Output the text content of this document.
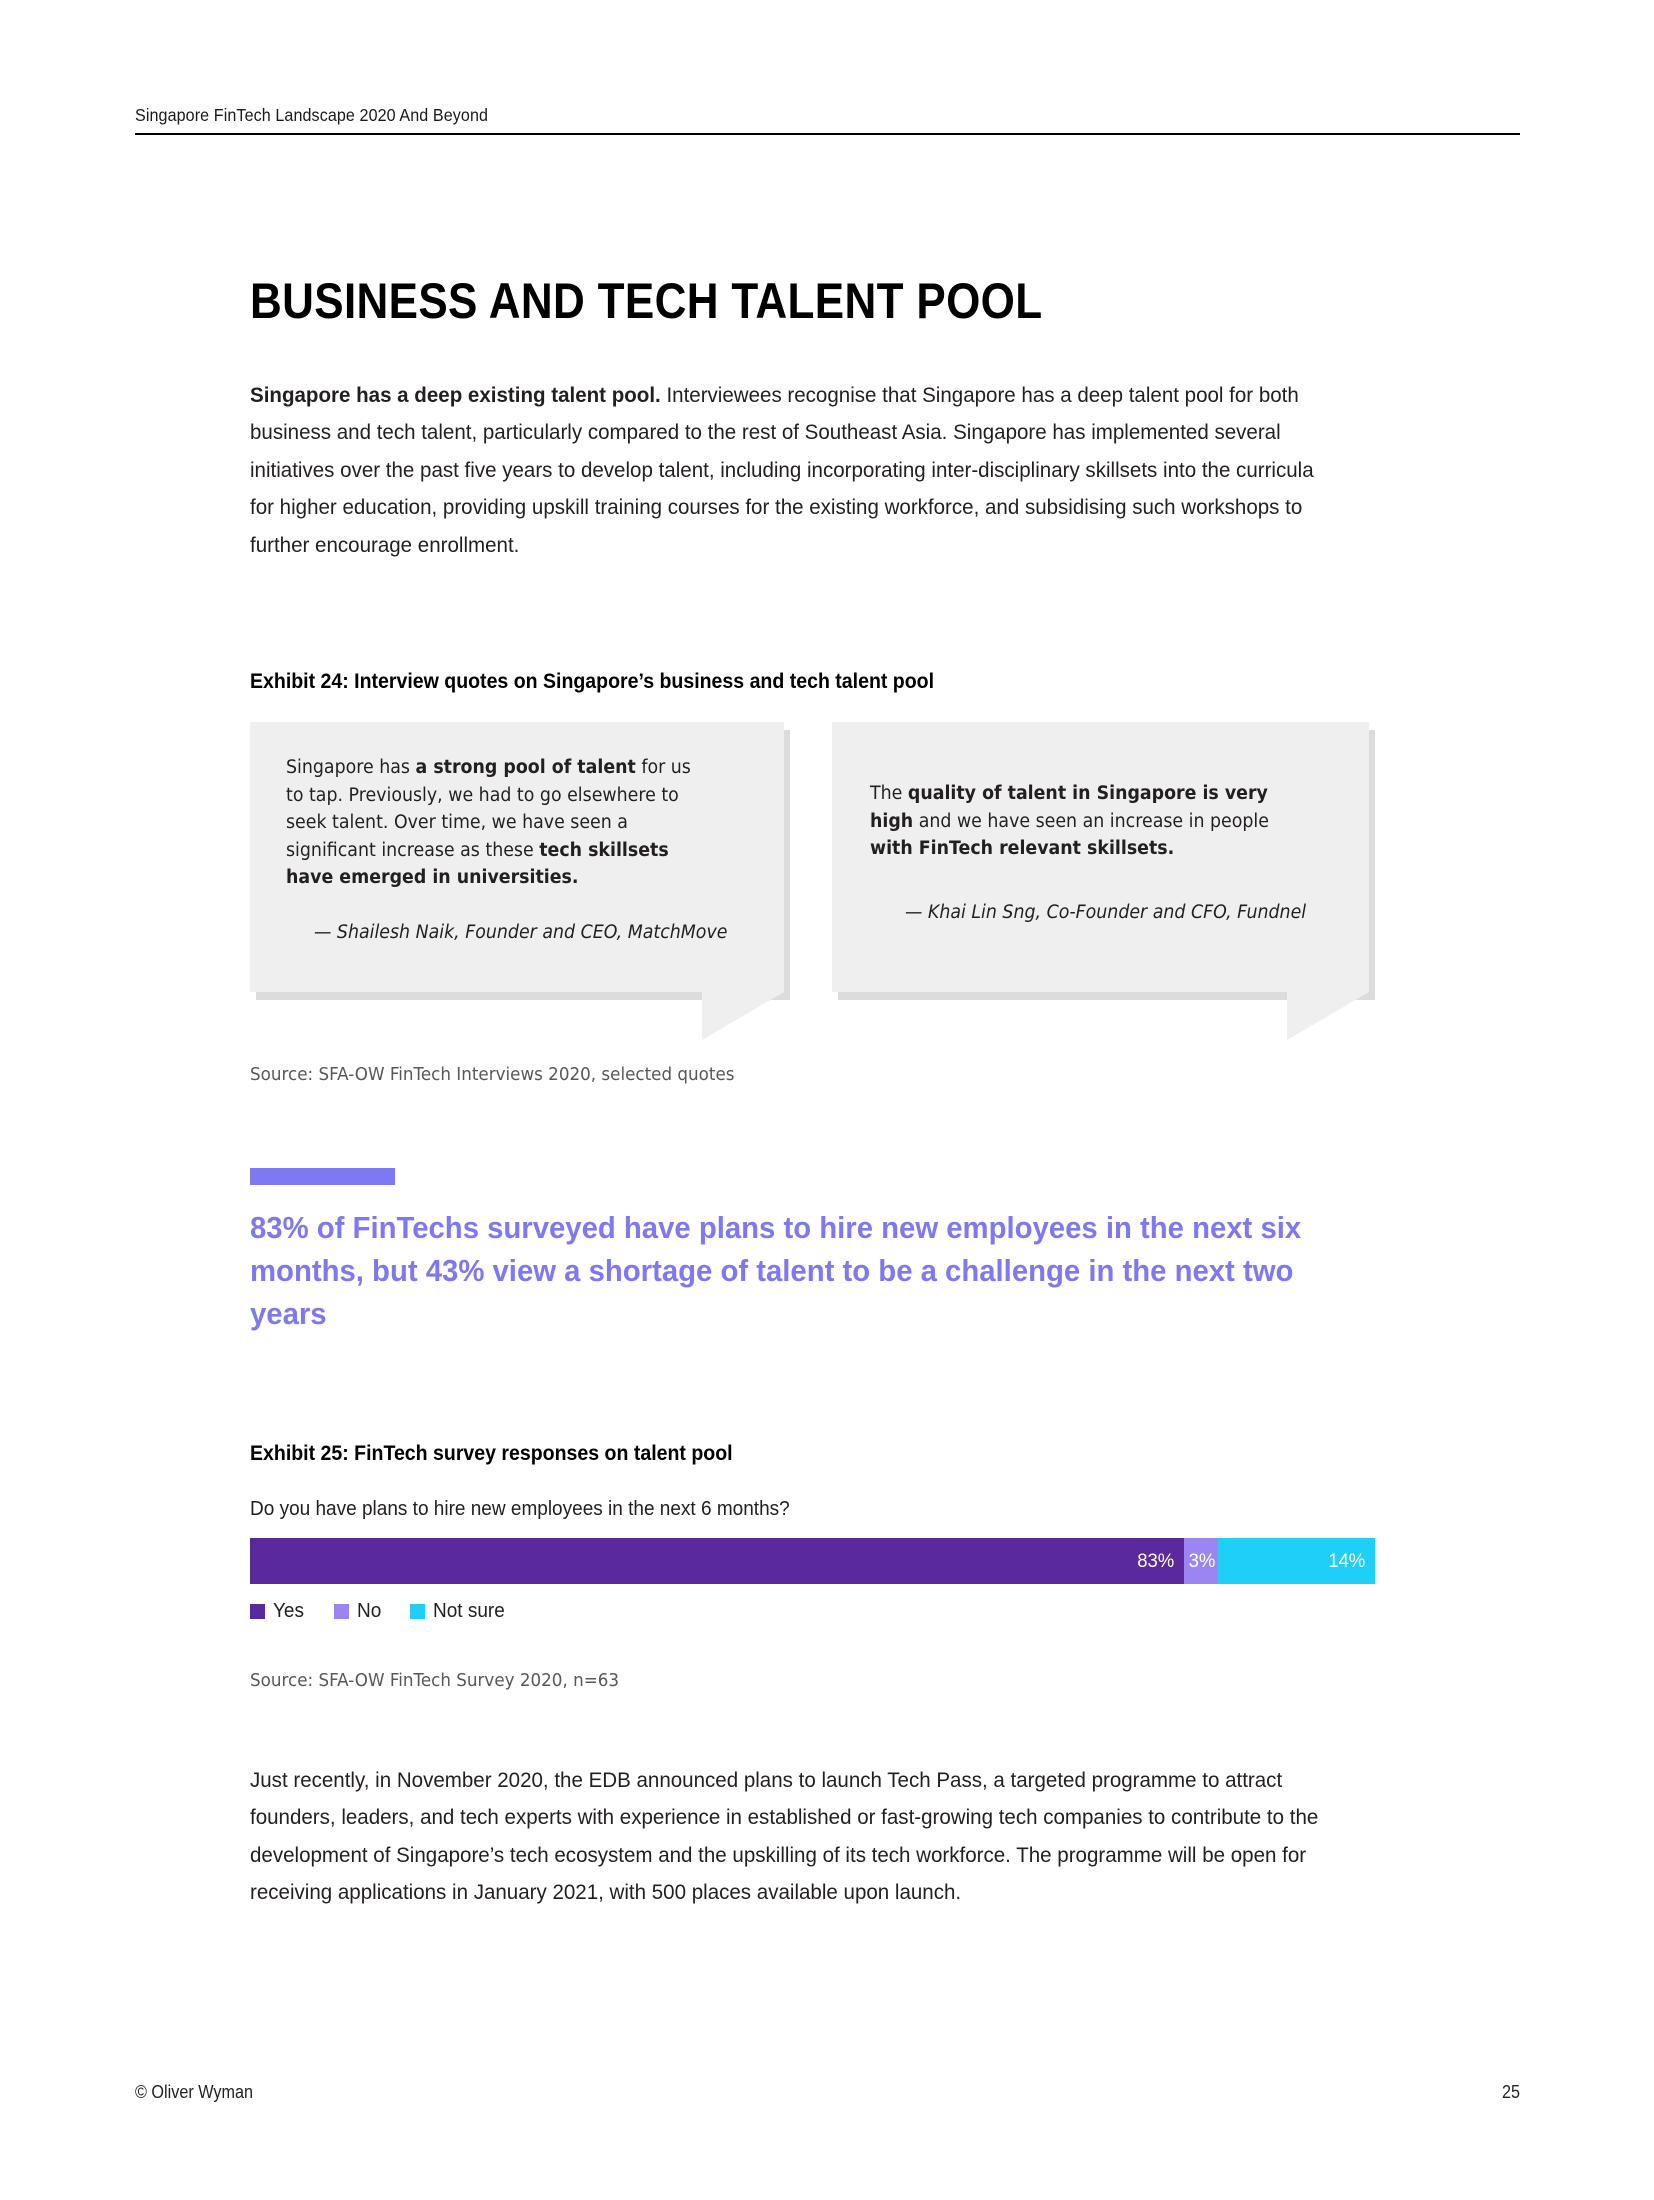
Singapore FinTech Landscape 2020 And Beyond
BUSINESS AND TECH TALENT POOL

Singapore has a deep existing talent pool. Interviewees recognise that Singapore has a deep talent pool for both business and tech talent, particularly compared to the rest of Southeast Asia. Singapore has implemented several initiatives over the past five years to develop talent, including incorporating inter-disciplinary skillsets into the curricula for higher education, providing upskill training courses for the existing workforce, and subsidising such workshops to further encourage enrollment.

Exhibit 24: Interview quotes on Singapore’s business and tech talent pool
Singapore has a strong pool of talent for us to tap. Previously, we had to go elsewhere to seek talent. Over time, we have seen a significant increase as these tech skillsets have emerged in universities.
— Shailesh Naik, Founder and CEO, MatchMove
The quality of talent in Singapore is very high and we have seen an increase in people with FinTech relevant skillsets.
— Khai Lin Sng, Co-Founder and CFO, Fundnel
Source: SFA-OW FinTech Interviews 2020, selected quotes
83% of FinTechs surveyed have plans to hire new employees in the next six months, but 43% view a shortage of talent to be a challenge in the next two years
Exhibit 25: FinTech survey responses on talent pool
Do you have plans to hire new employees in the next 6 months?
83% 3%	14%
Yes	No	Not sure
Source: SFA-OW FinTech Survey 2020, n=63

Just recently, in November 2020, the EDB announced plans to launch Tech Pass, a targeted programme to attract founders, leaders, and tech experts with experience in established or fast-growing tech companies to contribute to the development of Singapore’s tech ecosystem and the upskilling of its tech workforce. The programme will be open for receiving applications in January 2021, with 500 places available upon launch.

© Oliver Wyman	25
